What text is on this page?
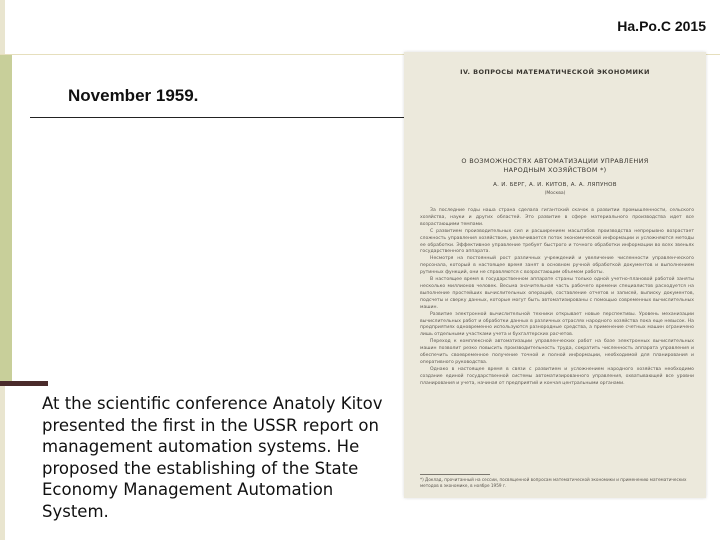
Ha.Po.C 2015
November 1959.
At the scientific conference Anatoly Kitov presented the first in the USSR report on management automation systems. He proposed the establishing of the State Economy Management Automation System.
IV. ВОПРОСЫ МАТЕМАТИЧЕСКОЙ ЭКОНОМИКИ
О ВОЗМОЖНОСТЯХ АВТОМАТИЗАЦИИ УПРАВЛЕНИЯ
НАРОДНЫМ ХОЗЯЙСТВОМ *)
А. И. БЕРГ, А. И. КИТОВ, А. А. ЛЯПУНОВ
(Москва)

За последние годы наша страна сделала гигантский скачок в развитии промышленности, сельского хозяйства, науки и других областей. Это развитие в сфере материального производства идет все возрастающими темпами.

С развитием производительных сил и расширением масштабов производства непрерывно возрастает сложность управления хозяйством, увеличивается поток экономической информации и усложняются методы ее обработки. Эффективное управление требует быстрого и точного обработки информации во всех звеньях государственного аппарата.

Несмотря на постоянный рост различных учреждений и увеличение численности управленческого персонала, который в настоящее время занят в основном ручной обработкой документов и выполнением рутинных функций, они не справляются с возрастающим объемом работы.

В настоящее время в государственном аппарате страны только одной учетно-плановой работой заняты несколько миллионов человек. Весьма значительная часть рабочего времени специалистов расходуется на выполнение простейших вычислительных операций, составление отчетов и записей, выписку документов, подсчеты и сверку данных, которые могут быть автоматизированы с помощью современных вычислительных машин.

Развитие электронной вычислительной техники открывает новые перспективы. Уровень механизации вычислительных работ и обработки данных в различных отраслях народного хозяйства пока еще невысок. На предприятиях одновременно используются разнородные средства, а применение счетных машин ограничено лишь отдельными участками учета и бухгалтерских расчетов.

Переход к комплексной автоматизации управленческих работ на базе электронных вычислительных машин позволит резко повысить производительность труда, сократить численность аппарата управления и обеспечить своевременное получение точной и полной информации, необходимой для планирования и оперативного руководства.

Однако в настоящее время в связи с развитием и усложнением народного хозяйства необходимо создание единой государственной системы автоматизированного управления, охватывающей все уровни планирования и учета, начиная от предприятий и кончая центральными органами.

*) Доклад, прочитанный на сессии, посвященной вопросам математической экономики и применению математических методов в экономике, в ноябре 1959 г.
